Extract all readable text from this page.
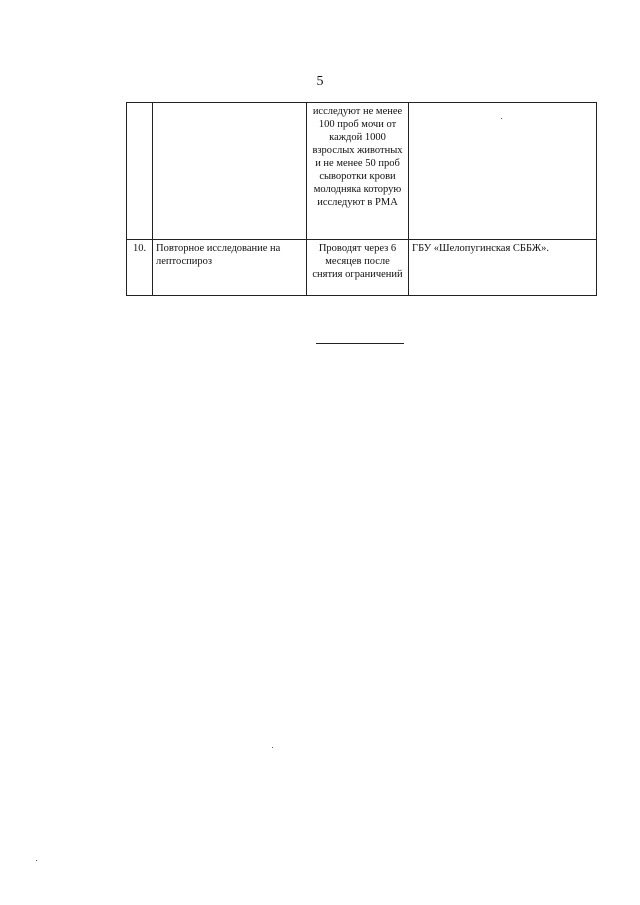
5
		исследуют не менее 100 проб мочи от каждой 1000 взрослых животных и не менее 50 проб сыворотки крови молодняка которую исследуют в РМА	
10.	Повторное исследование на лептоспироз	Проводят через 6 месяцев после снятия ограничений	ГБУ «Шелопугинская СББЖ».
